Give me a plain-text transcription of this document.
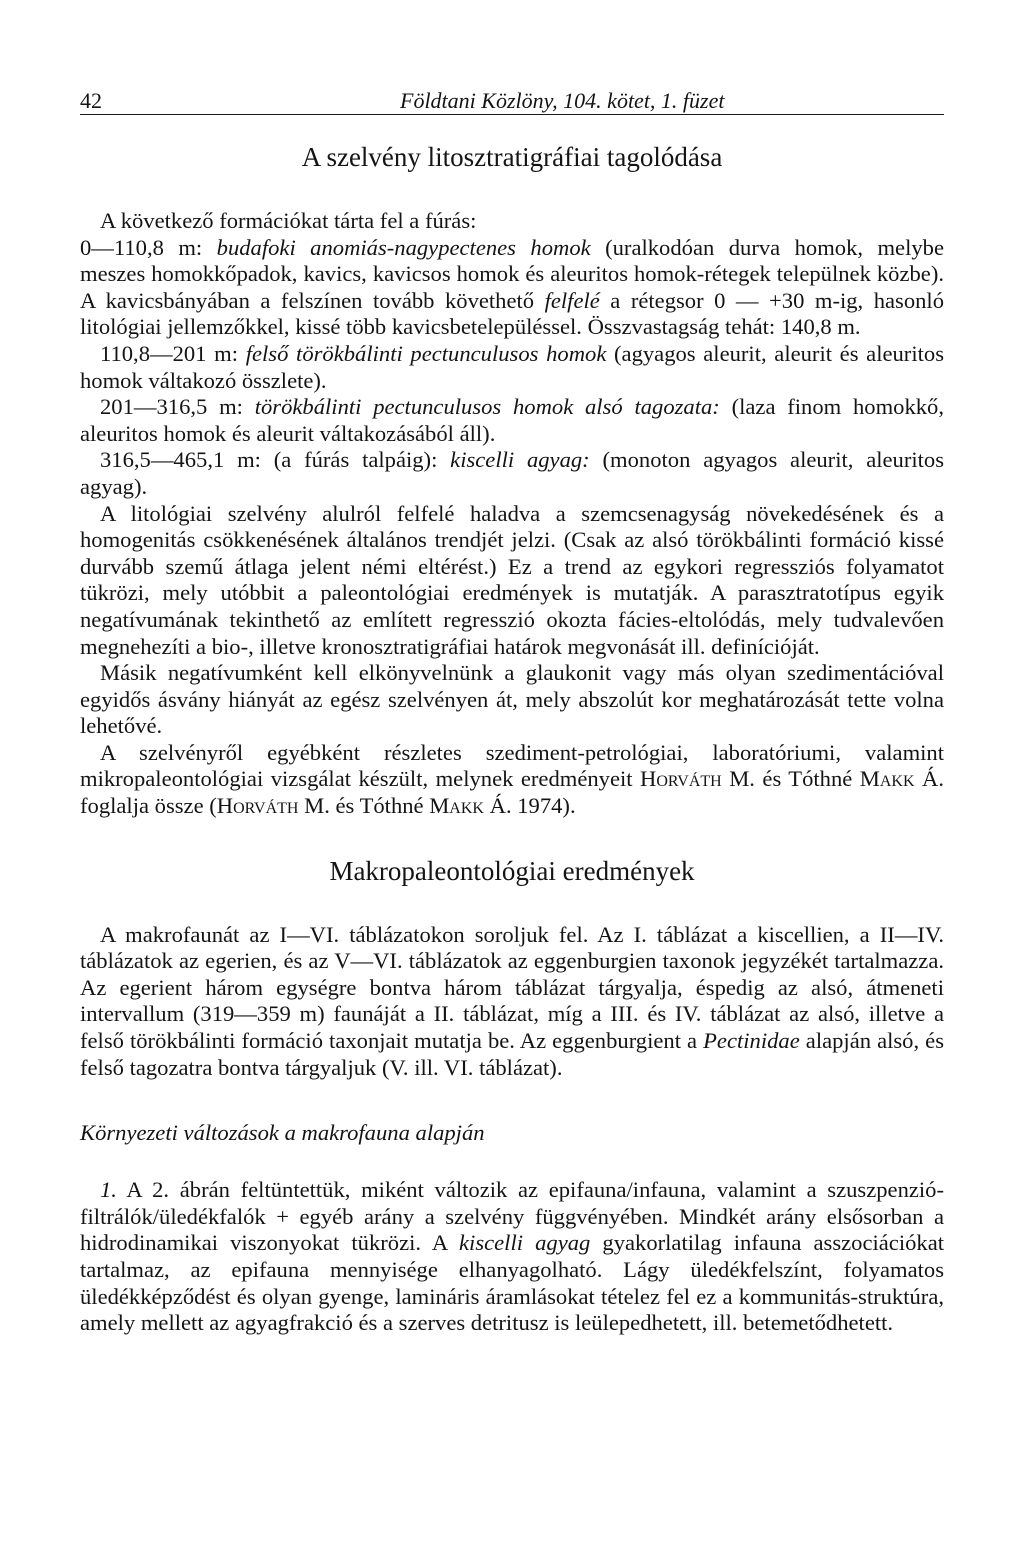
42	Földtani Közlöny, 104. kötet, 1. füzet
A szelvény litosztratigráfiai tagolódása

A következő formációkat tárta fel a fúrás:

0—110,8 m: budafoki anomiás-nagypectenes homok (uralkodóan durva homok, melybe meszes homokkőpadok, kavics, kavicsos homok és aleuritos homok-rétegek települnek közbe). A kavicsbányában a felszínen tovább követhető felfelé a rétegsor 0 — +30 m-ig, hasonló litológiai jellemzőkkel, kissé több kavicsbetelepüléssel. Összvastagság tehát: 140,8 m.

110,8—201 m: felső törökbálinti pectunculusos homok (agyagos aleurit, aleurit és aleuritos homok váltakozó összlete).

201—316,5 m: törökbálinti pectunculusos homok alsó tagozata: (laza finom homokkő, aleuritos homok és aleurit váltakozásából áll).

316,5—465,1 m: (a fúrás talpáig): kiscelli agyag: (monoton agyagos aleurit, aleuritos agyag).

A litológiai szelvény alulról felfelé haladva a szemcsenagyság növekedésének és a homogenitás csökkenésének általános trendjét jelzi. (Csak az alsó törökbálinti formáció kissé durvább szemű átlaga jelent némi eltérést.) Ez a trend az egykori regressziós folyamatot tükrözi, mely utóbbit a paleontológiai eredmények is mutatják. A parasztratotípus egyik negatívumának tekinthető az említett regresszió okozta fácies-eltolódás, mely tudvalevően megnehezíti a bio-, illetve kronosztratigráfiai határok megvonását ill. definícióját.

Másik negatívumként kell elkönyvelnünk a glaukonit vagy más olyan szedimentációval egyidős ásvány hiányát az egész szelvényen át, mely abszolút kor meghatározását tette volna lehetővé.

A szelvényről egyébként részletes szediment-petrológiai, laboratóriumi, valamint mikropaleontológiai vizsgálat készült, melynek eredményeit Horváth M. és Tóthné Makk Á. foglalja össze (Horváth M. és Tóthné Makk Á. 1974).

Makropaleontológiai eredmények

A makrofaunát az I—VI. táblázatokon soroljuk fel. Az I. táblázat a kiscellien, a II—IV. táblázatok az egerien, és az V—VI. táblázatok az eggenburgien taxonok jegyzékét tartalmazza. Az egerient három egységre bontva három táblázat tárgyalja, éspedig az alsó, átmeneti intervallum (319—359 m) faunáját a II. táblázat, míg a III. és IV. táblázat az alsó, illetve a felső törökbálinti formáció taxonjait mutatja be. Az eggenburgient a Pectinidae alapján alsó, és felső tagozatra bontva tárgyaljuk (V. ill. VI. táblázat).

Környezeti változások a makrofauna alapján

1. A 2. ábrán feltüntettük, miként változik az epifauna/infauna, valamint a szuszpenzió-filtrálók/üledékfalók + egyéb arány a szelvény függvényében. Mindkét arány elsősorban a hidrodinamikai viszonyokat tükrözi. A kiscelli agyag gyakorlatilag infauna asszociációkat tartalmaz, az epifauna mennyisége elhanyagolható. Lágy üledékfelszínt, folyamatos üledékképződést és olyan gyenge, lamináris áramlásokat tételez fel ez a kommunitás-struktúra, amely mellett az agyagfrakció és a szerves detritusz is leülepedhetett, ill. betemetődhetett.
